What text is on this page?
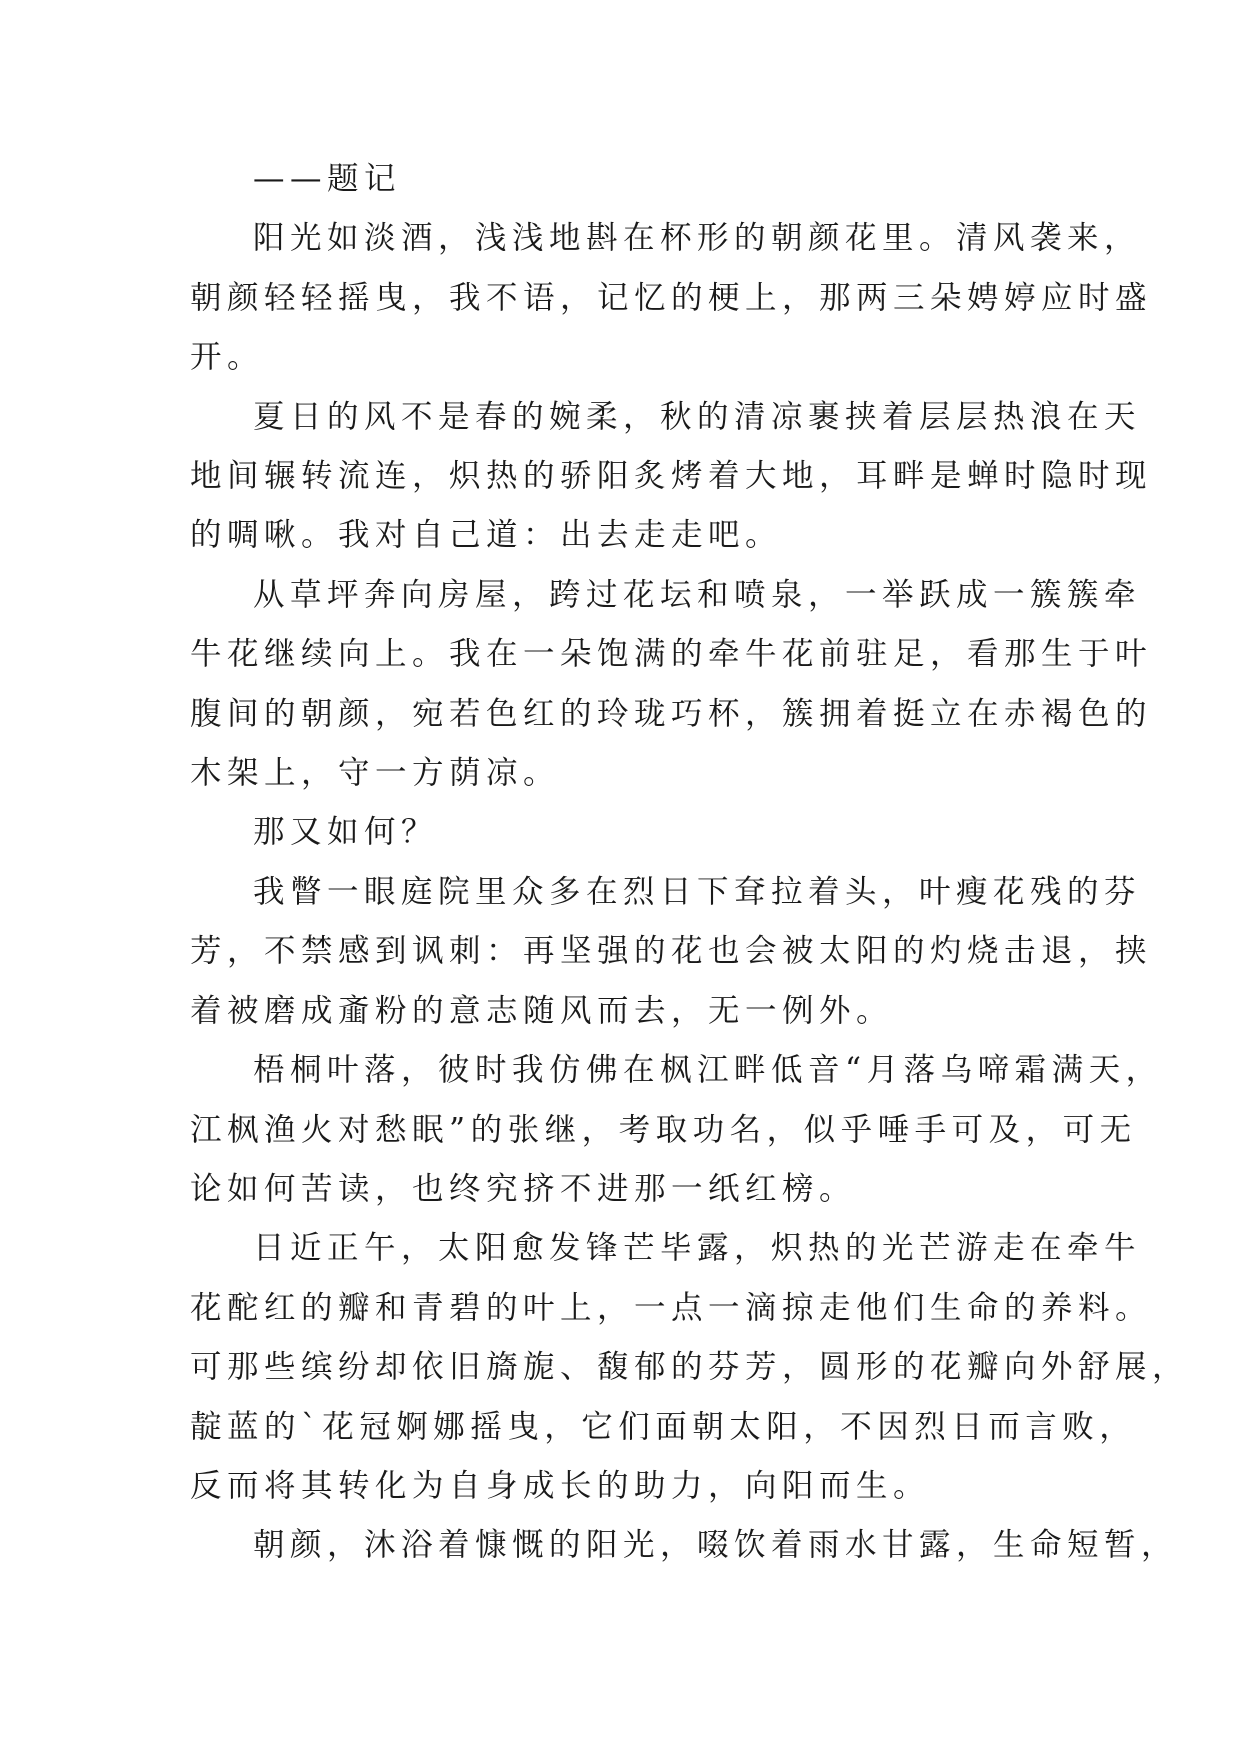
——题记

阳光如淡酒，浅浅地斟在杯形的朝颜花里。清风袭来，
朝颜轻轻摇曳，我不语，记忆的梗上，那两三朵娉婷应时盛
开。

夏日的风不是春的婉柔，秋的清凉裹挟着层层热浪在天
地间辗转流连，炽热的骄阳炙烤着大地，耳畔是蝉时隐时现
的啁啾。我对自己道：出去走走吧。

从草坪奔向房屋，跨过花坛和喷泉，一举跃成一簇簇牵
牛花继续向上。我在一朵饱满的牵牛花前驻足，看那生于叶
腹间的朝颜，宛若色红的玲珑巧杯，簇拥着挺立在赤褐色的
木架上，守一方荫凉。

那又如何？

我瞥一眼庭院里众多在烈日下耷拉着头，叶瘦花残的芬
芳，不禁感到讽刺：再坚强的花也会被太阳的灼烧击退，挟
着被磨成齑粉的意志随风而去，无一例外。

梧桐叶落，彼时我仿佛在枫江畔低音“月落乌啼霜满天，
江枫渔火对愁眠”的张继，考取功名，似乎唾手可及，可无
论如何苦读，也终究挤不进那一纸红榜。

日近正午，太阳愈发锋芒毕露，炽热的光芒游走在牵牛
花酡红的瓣和青碧的叶上，一点一滴掠走他们生命的养料。
可那些缤纷却依旧旖旎、馥郁的芬芳，圆形的花瓣向外舒展，
靛蓝的`花冠婀娜摇曳，它们面朝太阳，不因烈日而言败，
反而将其转化为自身成长的助力，向阳而生。

朝颜，沐浴着慷慨的阳光，啜饮着雨水甘露，生命短暂，
